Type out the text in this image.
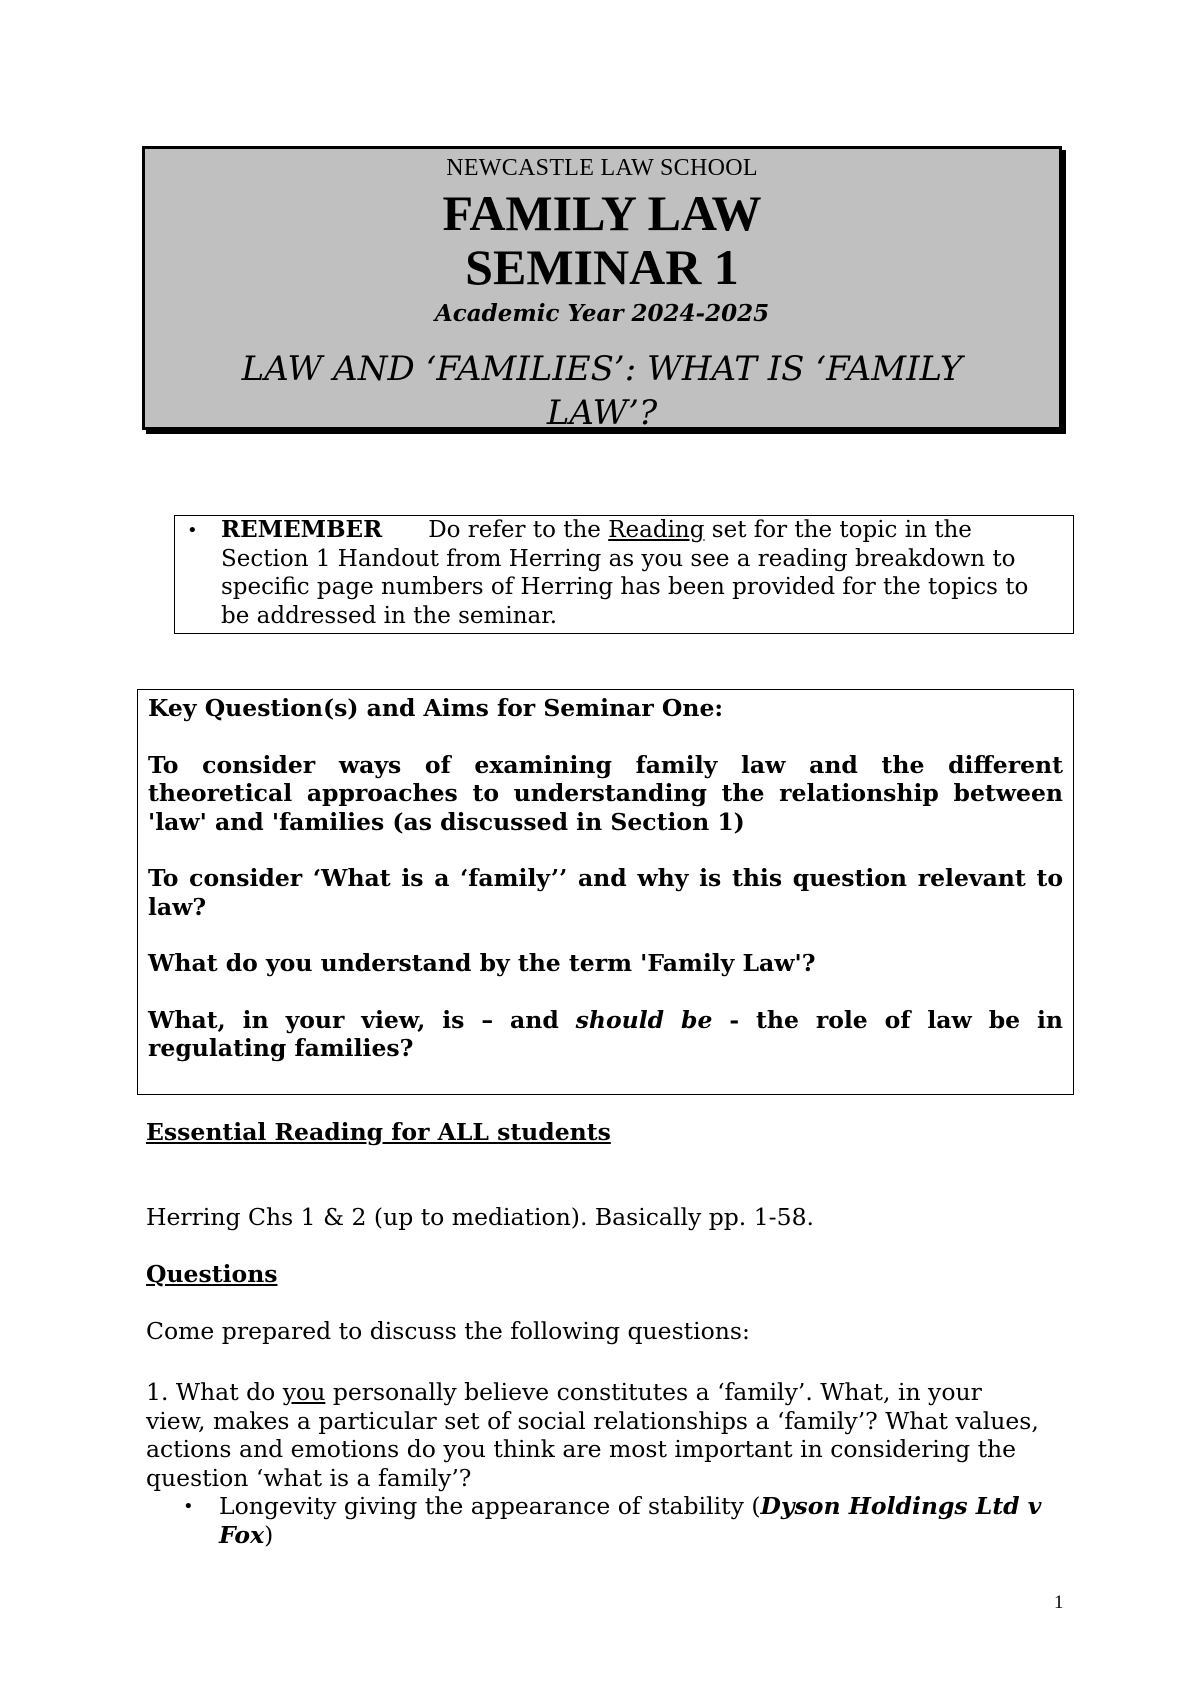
NEWCASTLE LAW SCHOOL
FAMILY LAW
SEMINAR 1
Academic Year 2024-2025
LAW AND ‘FAMILIES’: WHAT IS ‘FAMILY
LAW’?
• REMEMBER Do refer to the Reading set for the topic in the Section 1 Handout from Herring as you see a reading breakdown to specific page numbers of Herring has been provided for the topics to be addressed in the seminar.

Key Question(s) and Aims for Seminar One:

To consider ways of examining family law and the different theoretical approaches to understanding the relationship between 'law' and 'families (as discussed in Section 1)

To consider ‘What is a ‘family’’ and why is this question relevant to law?

What do you understand by the term 'Family Law'?

What, in your view, is – and should be - the role of law be in regulating families?

Essential Reading for ALL students
Herring Chs 1 & 2 (up to mediation). Basically pp. 1-58.
Questions
Come prepared to discuss the following questions:
1. What do you personally believe constitutes a ‘family’. What, in your view, makes a particular set of social relationships a ‘family’? What values, actions and emotions do you think are most important in considering the question ‘what is a family’?
• Longevity giving the appearance of stability (Dyson Holdings Ltd v Fox)
1
